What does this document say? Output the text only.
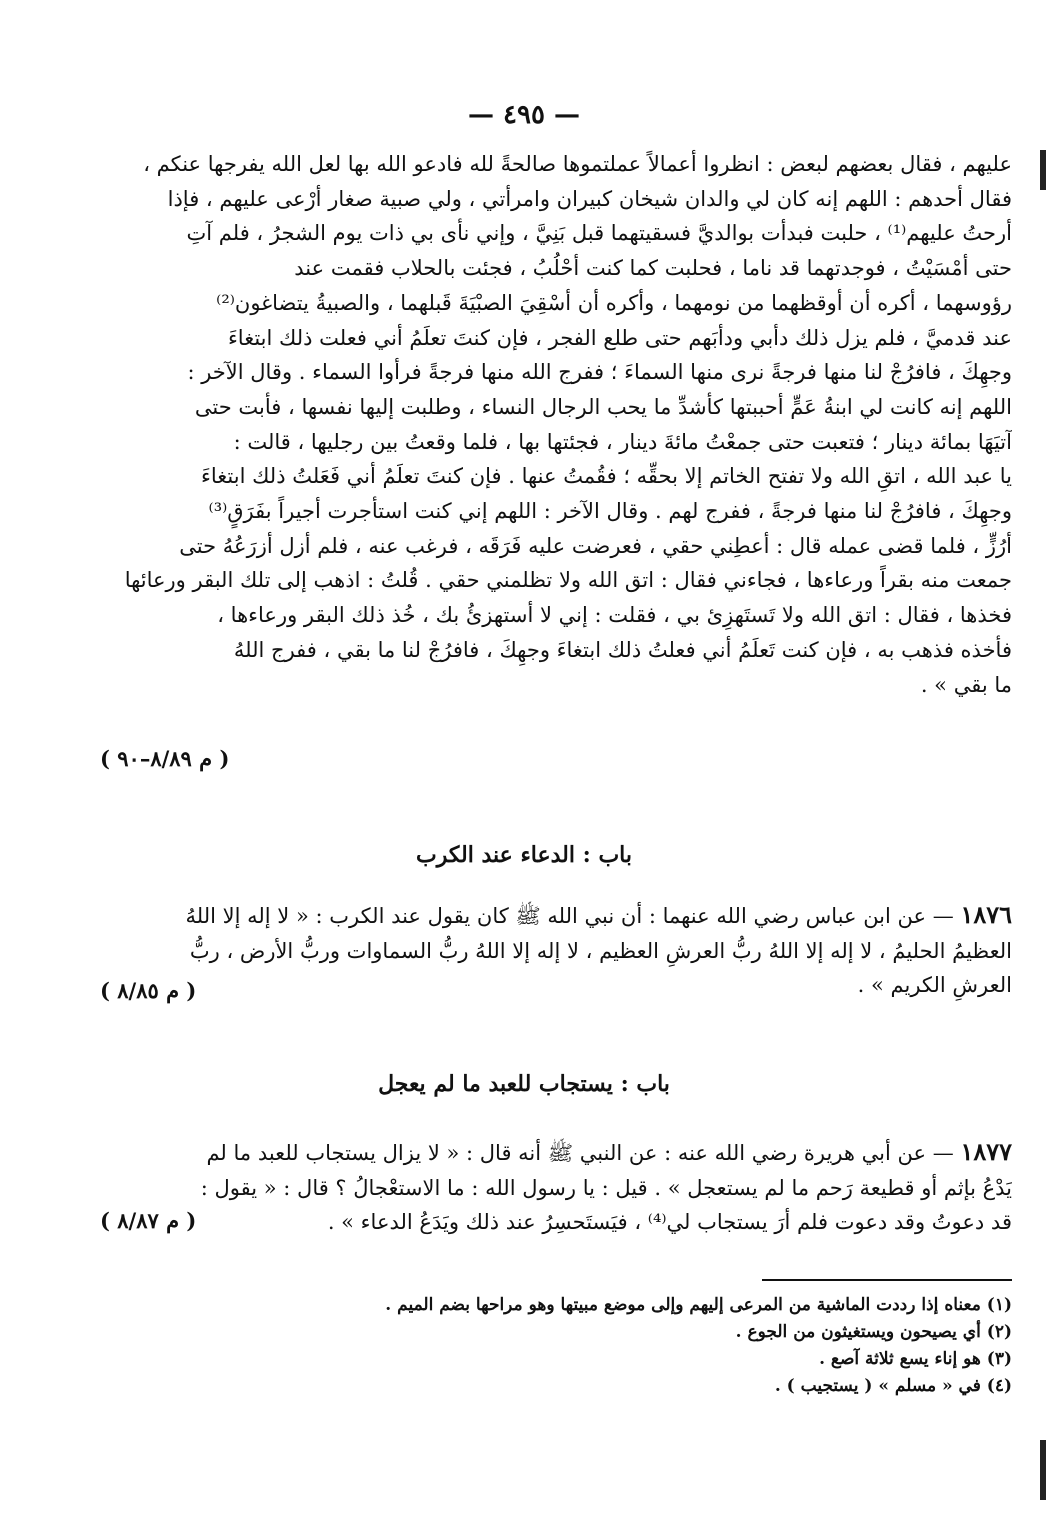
— ٤٩٥ —
عليهم ، فقال بعضهم لبعض : انظروا أعمالاً عملتموها صالحةً لله فادعو الله بها لعل الله يفرجها عنكم ،
فقال أحدهم : اللهم إنه كان لي والدان شيخان كبيران وامرأتي ، ولي صبية صغار أرْعى عليهم ، فإذا
أرحتُ عليهم⁽¹⁾ ، حلبت فبدأت بوالديَّ فسقيتهما قبل بَنِيَّ ، وإني نأى بي ذات يوم الشجرُ ، فلم آتِ
حتى أمْسَيْتُ ، فوجدتهما قد ناما ، فحلبت كما كنت أحْلُبُ ، فجئت بالحلاب فقمت عند
رؤوسهما ، أكره أن أوقظهما من نومهما ، وأكره أن أسْقِيَ الصبْيَةَ قَبلهما ، والصبيةُ يتضاغون⁽²⁾
عند قدميَّ ، فلم يزل ذلك دأبي ودأبَهم حتى طلع الفجر ، فإن كنتَ تعلَمُ أني فعلت ذلك ابتغاءَ
وجهِكَ ، فافرُجْ لنا منها فرجةً نرى منها السماءَ ؛ ففرج الله منها فرجةً فرأوا السماء . وقال الآخر :
اللهم إنه كانت لي ابنةُ عَمٍّ أحببتها كأشدِّ ما يحب الرجال النساء ، وطلبت إليها نفسها ، فأبت حتى
آتيَهَا بمائة دينار ؛ فتعبت حتى جمعْتُ مائةَ دينار ، فجئتها بها ، فلما وقعتُ بين رجليها ، قالت :
يا عبد الله ، اتقِ الله ولا تفتح الخاتم إلا بحقِّه ؛ فقُمتُ عنها . فإن كنتَ تعلَمُ أني فَعَلتُ ذلك ابتغاءَ
وجهِكَ ، فافرُجْ لنا منها فرجةً ، ففرج لهم . وقال الآخر : اللهم إني كنت استأجرت أجيراً بفَرَقٍ⁽³⁾
أرُزٍّ ، فلما قضى عمله قال : أعطِني حقي ، فعرضت عليه فَرَقَه ، فرغب عنه ، فلم أزل أزرَعُهُ حتى
جمعت منه بقراً ورعاءها ، فجاءني فقال : اتق الله ولا تظلمني حقي . قُلتُ : اذهب إلى تلك البقر ورعائها
فخذها ، فقال : اتق الله ولا تَستَهزِئ بي ، فقلت : إني لا أستهزئُ بك ، خُذ ذلك البقر ورعاءها ،
فأخذه فذهب به ، فإن كنت تَعلَمُ أني فعلتُ ذلك ابتغاءَ وجهِكَ ، فافرُجْ لنا ما بقي ، ففرج اللهُ
ما بقي » .
( م ٨/٨٩–٩٠ )
باب : الدعاء عند الكرب
١٨٧٦ — عن ابن عباس رضي الله عنهما : أن نبي الله ﷺ كان يقول عند الكرب : « لا إله إلا اللهُ
العظيمُ الحليمُ ، لا إله إلا اللهُ ربُّ العرشِ العظيم ، لا إله إلا اللهُ ربُّ السماوات وربُّ الأرض ، ربُّ
العرشِ الكريم » .
( م ٨/٨٥ )
باب : يستجاب للعبد ما لم يعجل
١٨٧٧ — عن أبي هريرة رضي الله عنه : عن النبي ﷺ أنه قال : « لا يزال يستجاب للعبد ما لم
يَدْعُ بإثم أو قطيعة رَحم ما لم يستعجل » . قيل : يا رسول الله : ما الاستعْجالُ ؟ قال : « يقول :
قد دعوتُ وقد دعوت فلم أرَ يستجاب لي⁽⁴⁾ ، فيَستَحسِرُ عند ذلك ويَدَعُ الدعاء » .
( م ٨/٨٧ )
(١) معناه إذا رددت الماشية من المرعى إليهم وإلى موضع مبيتها وهو مراحها بضم الميم .
(٢) أي يصيحون ويستغيثون من الجوع .
(٣) هو إناء يسع ثلاثة آصع .
(٤) في « مسلم » ( يستجيب ) .
